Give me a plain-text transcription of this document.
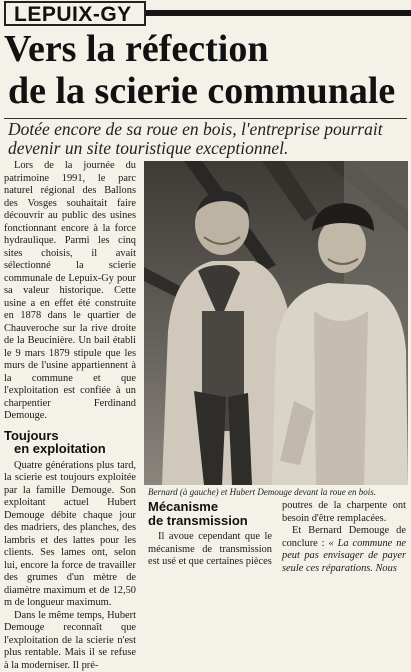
LEPUIX-GY
Vers la réfection
de la scierie communale
Dotée encore de sa roue en bois, l'entreprise pourrait
devenir un site touristique exceptionnel.

Lors de la journée du patrimoine 1991, le parc naturel régional des Ballons des Vosges souhaitait faire découvrir au public des usines fonctionnant encore à la force hydraulique. Parmi les cinq sites choisis, il avait sélectionné la scierie communale de Lepuix-Gy pour sa valeur historique. Cette usine a en effet été construite en 1878 dans le quartier de Chauveroche sur la rive droite de la Beucinière. Un bail établi le 9 mars 1879 stipule que les murs de l'usine appartiennent à la commune et que l'exploitation est confiée à un charpentier Ferdinand Demouge.

Toujours
en exploitation

Quatre générations plus tard, la scierie est toujours exploitée par la famille Demouge. Son exploitant actuel Hubert Demouge débite chaque jour des madriers, des planches, des lambris et des lattes pour les clients. Ses lames ont, selon lui, encore la force de travailler des grumes d'un mètre de diamètre maximum et de 12,50 m de longueur maximum.

Dans le même temps, Hubert Demouge reconnaît que l'exploitation de la scierie n'est plus rentable. Mais il se refuse à la moderniser. Il pré-

Bernard (à gauche) et Hubert Demouge devant la roue en bois.
Mécanisme
de transmission

Il avoue cependant que le mécanisme de transmission est usé et que certaines pièces

poutres de la charpente ont besoin d'être remplacées.

Et Bernard Demouge de conclure : « La commune ne peut pas envisager de payer seule ces réparations. Nous
